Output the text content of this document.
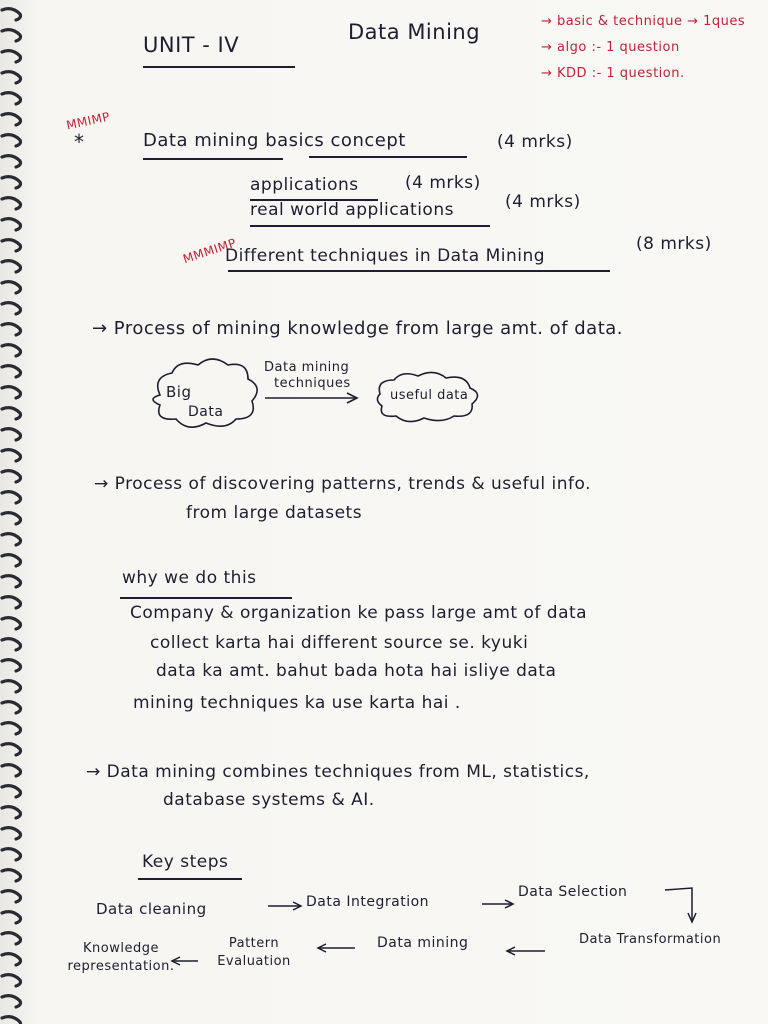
UNIT - IV
Data Mining	→ basic & technique → 1ques
→ algo :- 1 question
→ KDD :- 1 question.
MMIMP
*	Data mining basics concept	(4 mrks)
applications	(4 mrks)
real world applications	(4 mrks)
MMMIMP
Different techniques in Data Mining
(8 mrks)
→ Process of mining knowledge from large amt. of data.
Big
Data
Data mining
techniques
useful data
→ Process of discovering patterns, trends & useful info.
from large datasets
why we do this
Company & organization ke pass large amt of data
collect karta hai different source se. kyuki
data ka amt. bahut bada hota hai isliye data
mining techniques ka use karta hai .
→ Data mining combines techniques from ML, statistics,
database systems & AI.
Key steps
Data cleaning	Data Integration
Data Selection
Data Transformation
Data mining
Pattern Evaluation
Knowledge representation.
